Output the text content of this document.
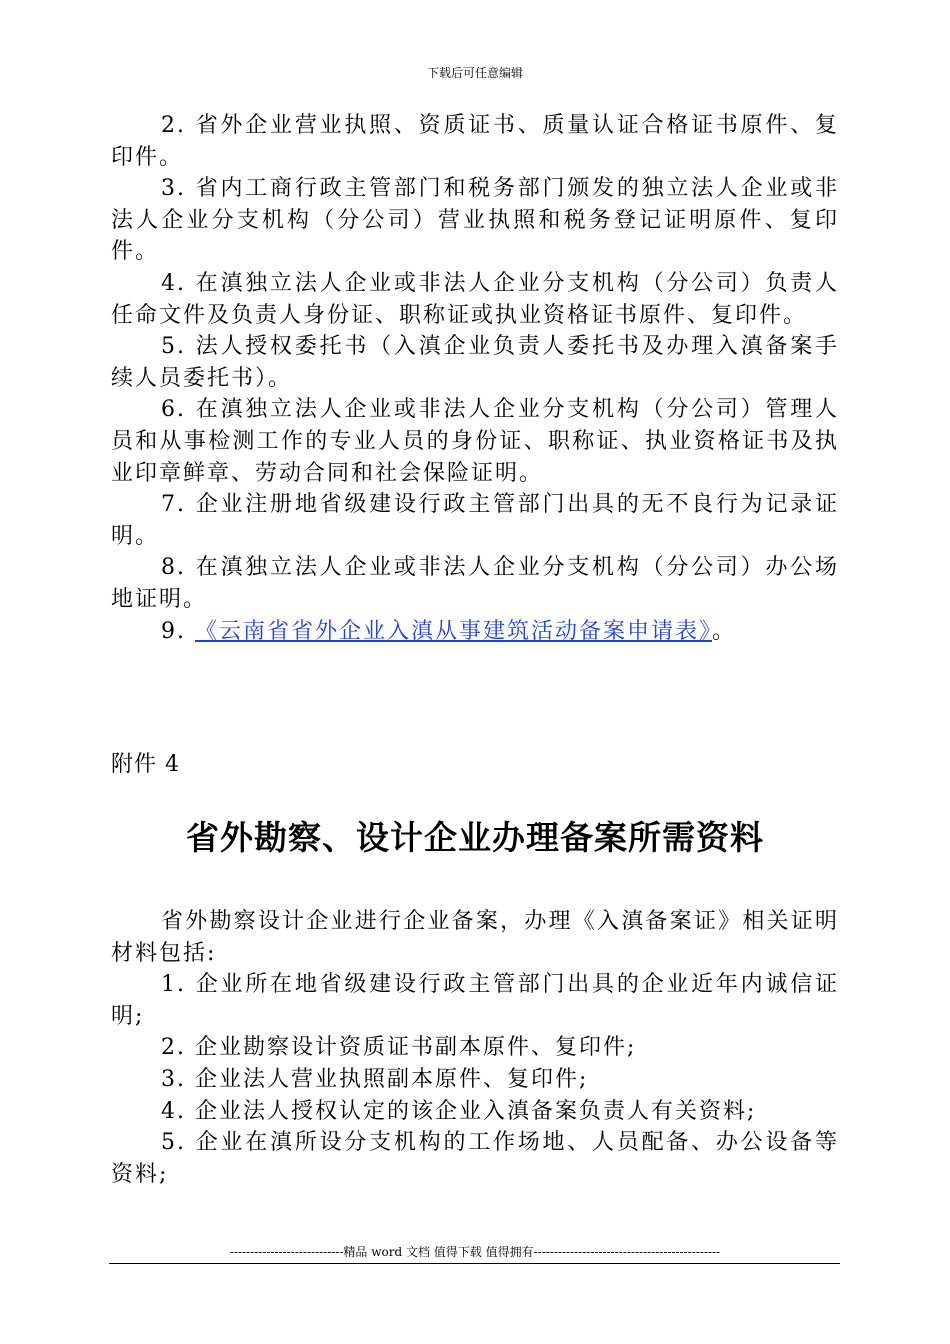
下载后可任意编辑

2. 省外企业营业执照、资质证书、质量认证合格证书原件、复印件。

3. 省内工商行政主管部门和税务部门颁发的独立法人企业或非法人企业分支机构（分公司）营业执照和税务登记证明原件、复印件。

4. 在滇独立法人企业或非法人企业分支机构（分公司）负责人任命文件及负责人身份证、职称证或执业资格证书原件、复印件。

5. 法人授权委托书（入滇企业负责人委托书及办理入滇备案手续人员委托书）。

6. 在滇独立法人企业或非法人企业分支机构（分公司）管理人员和从事检测工作的专业人员的身份证、职称证、执业资格证书及执业印章鲜章、劳动合同和社会保险证明。

7. 企业注册地省级建设行政主管部门出具的无不良行为记录证明。

8. 在滇独立法人企业或非法人企业分支机构（分公司）办公场地证明。

9. 《云南省省外企业入滇从事建筑活动备案申请表》。

附件 4
省外勘察、设计企业办理备案所需资料

省外勘察设计企业进行企业备案，办理《入滇备案证》相关证明材料包括:

1. 企业所在地省级建设行政主管部门出具的企业近年内诚信证明;

2. 企业勘察设计资质证书副本原件、复印件;

3. 企业法人营业执照副本原件、复印件;

4. 企业法人授权认定的该企业入滇备案负责人有关资料;

5. 企业在滇所设分支机构的工作场地、人员配备、办公设备等资料;

----------------------------精品 word 文档 值得下载 值得拥有----------------------------------------------
